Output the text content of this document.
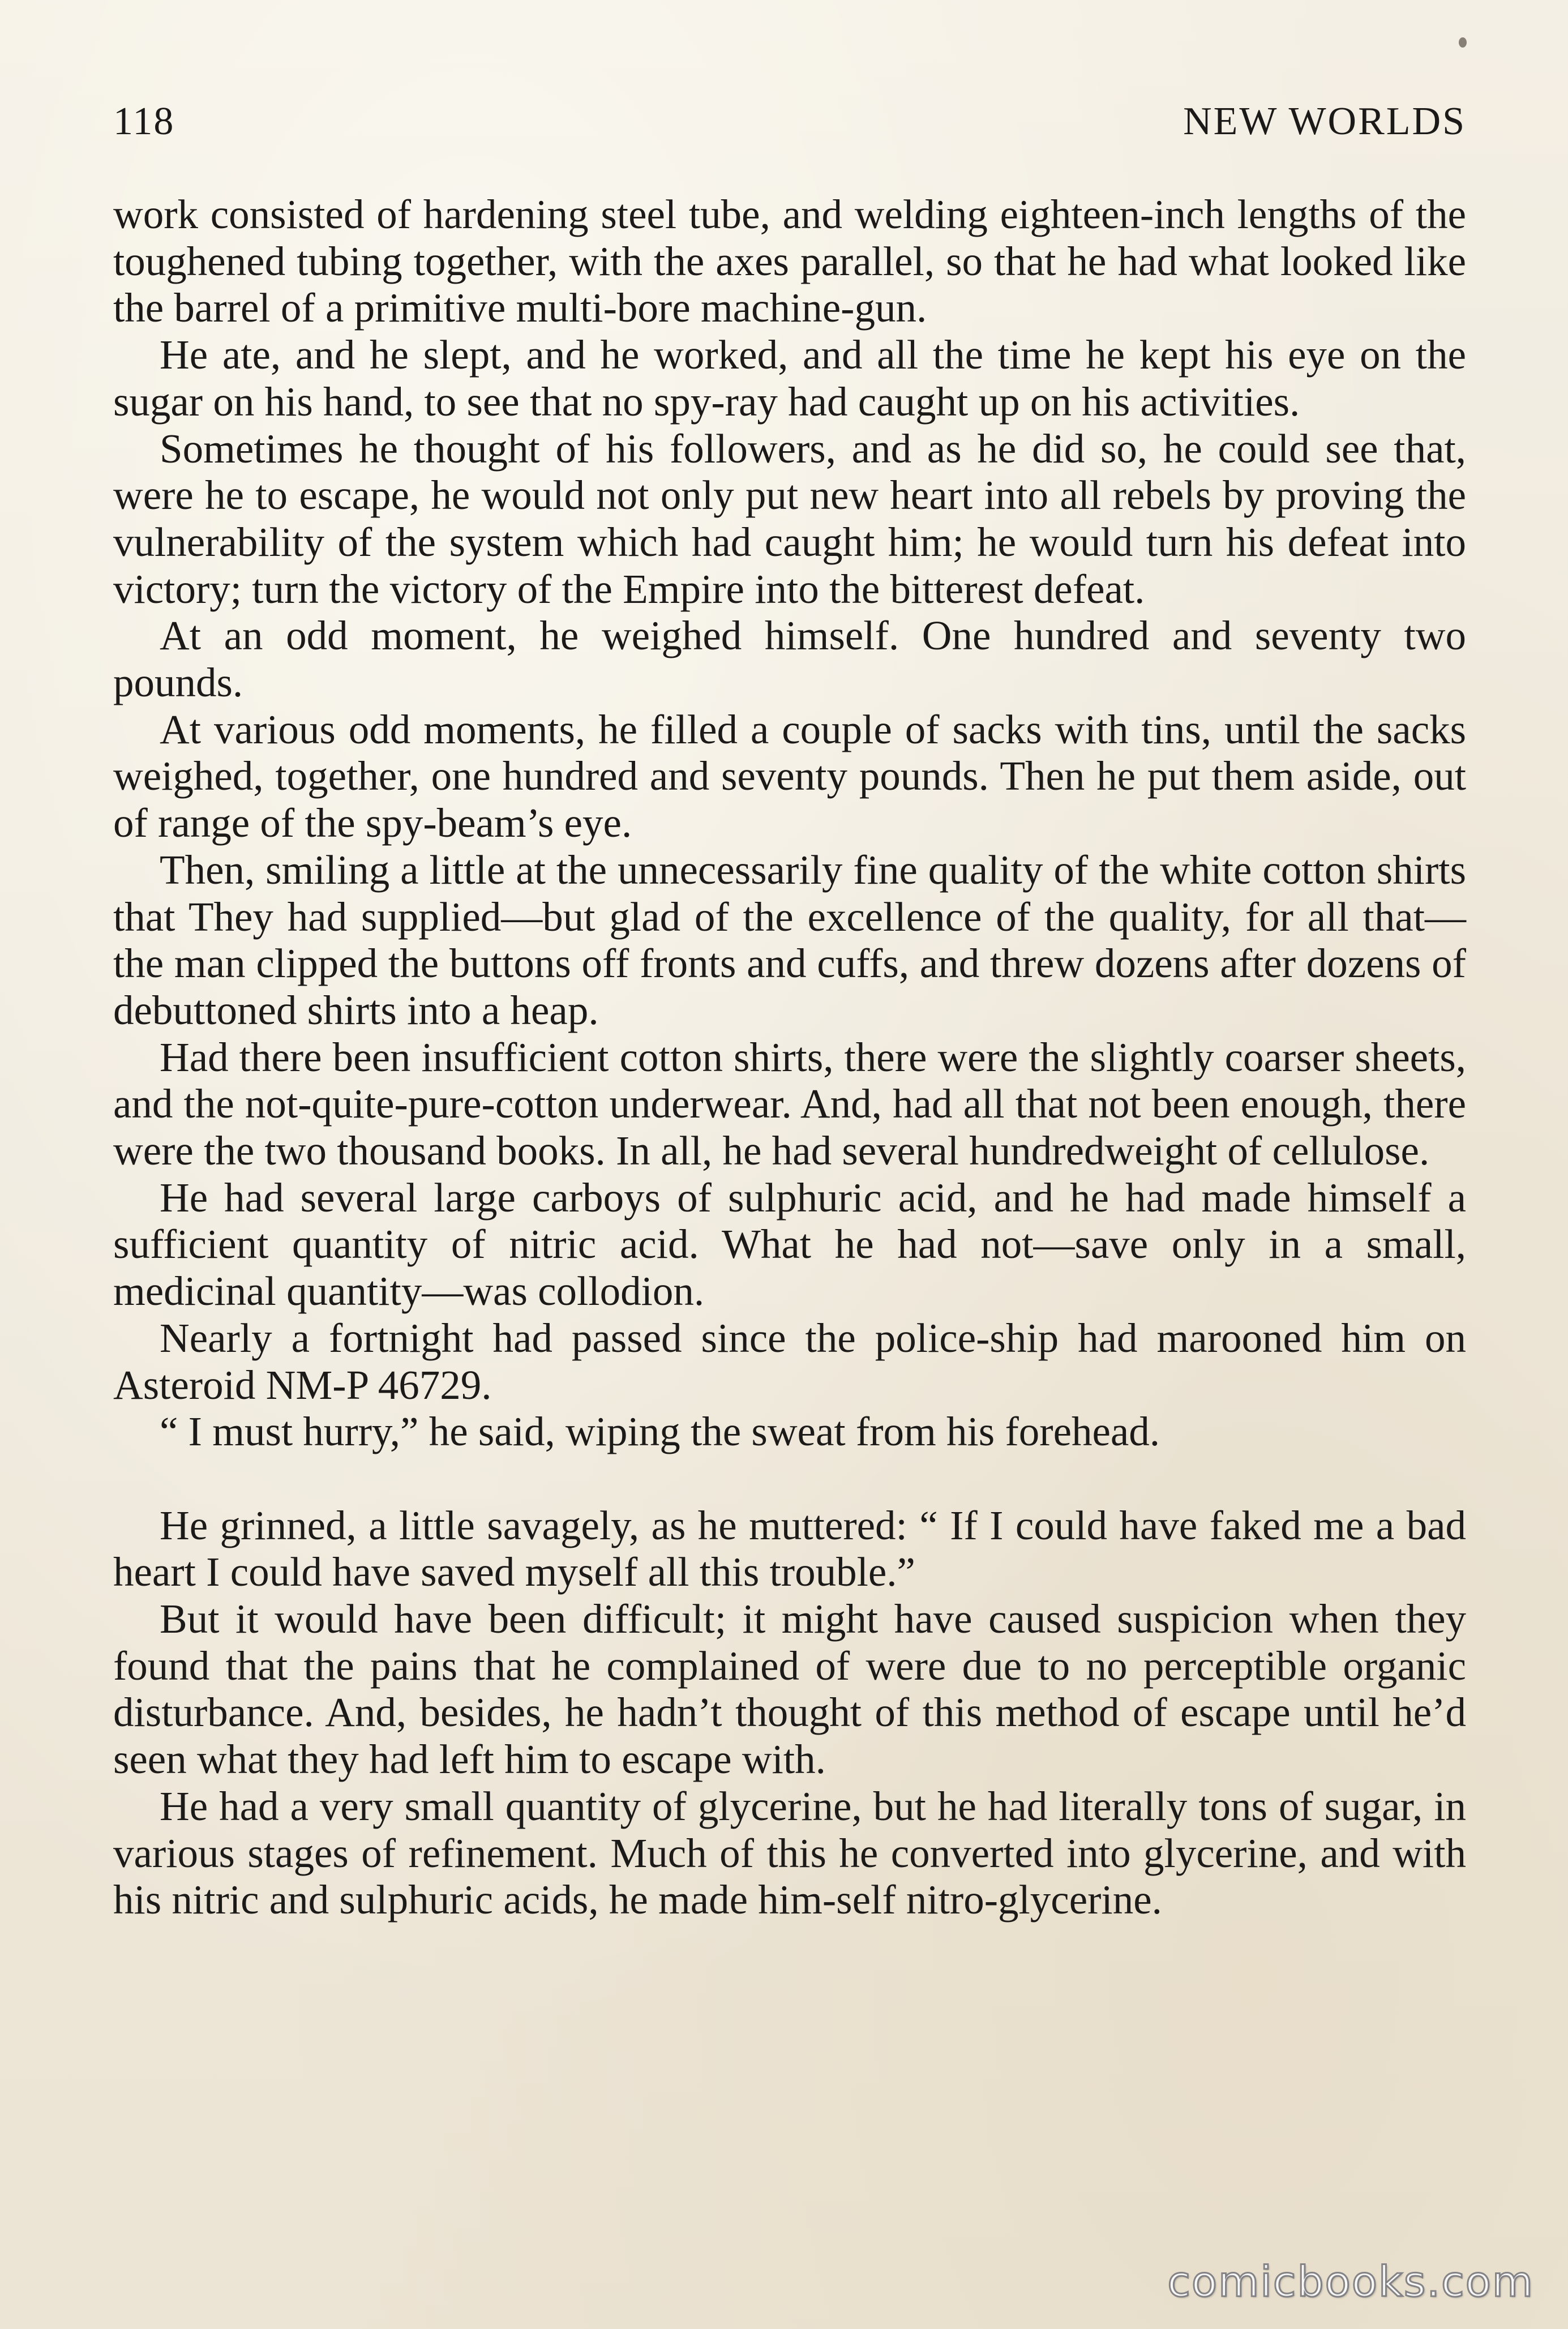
118	NEW WORLDS

work consisted of hardening steel tube, and welding eighteen-inch lengths of the toughened tubing together, with the axes parallel, so that he had what looked like the barrel of a primitive multi-bore machine-gun.

He ate, and he slept, and he worked, and all the time he kept his eye on the sugar on his hand, to see that no spy-ray had caught up on his activities.

Sometimes he thought of his followers, and as he did so, he could see that, were he to escape, he would not only put new heart into all rebels by proving the vulnerability of the system which had caught him; he would turn his defeat into victory; turn the victory of the Empire into the bitterest defeat.

At an odd moment, he weighed himself. One hundred and seventy two pounds.

At various odd moments, he filled a couple of sacks with tins, until the sacks weighed, together, one hundred and seventy pounds. Then he put them aside, out of range of the spy-beam’s eye.

Then, smiling a little at the unnecessarily fine quality of the white cotton shirts that They had supplied—but glad of the excellence of the quality, for all that—the man clipped the buttons off fronts and cuffs, and threw dozens after dozens of debuttoned shirts into a heap.

Had there been insufficient cotton shirts, there were the slightly coarser sheets, and the not-quite-pure-cotton underwear. And, had all that not been enough, there were the two thousand books. In all, he had several hundredweight of cellulose.

He had several large carboys of sulphuric acid, and he had made himself a sufficient quantity of nitric acid. What he had not—save only in a small, medicinal quantity—was collodion.

Nearly a fortnight had passed since the police-ship had marooned him on Asteroid NM-P 46729.

“ I must hurry,” he said, wiping the sweat from his forehead.

He grinned, a little savagely, as he muttered: “ If I could have faked me a bad heart I could have saved myself all this trouble.”

But it would have been difficult; it might have caused suspicion when they found that the pains that he complained of were due to no perceptible organic disturbance. And, besides, he hadn’t thought of this method of escape until he’d seen what they had left him to escape with.

He had a very small quantity of glycerine, but he had literally tons of sugar, in various stages of refinement. Much of this he converted into glycerine, and with his nitric and sulphuric acids, he made him-self nitro-glycerine.

comicbooks.com
